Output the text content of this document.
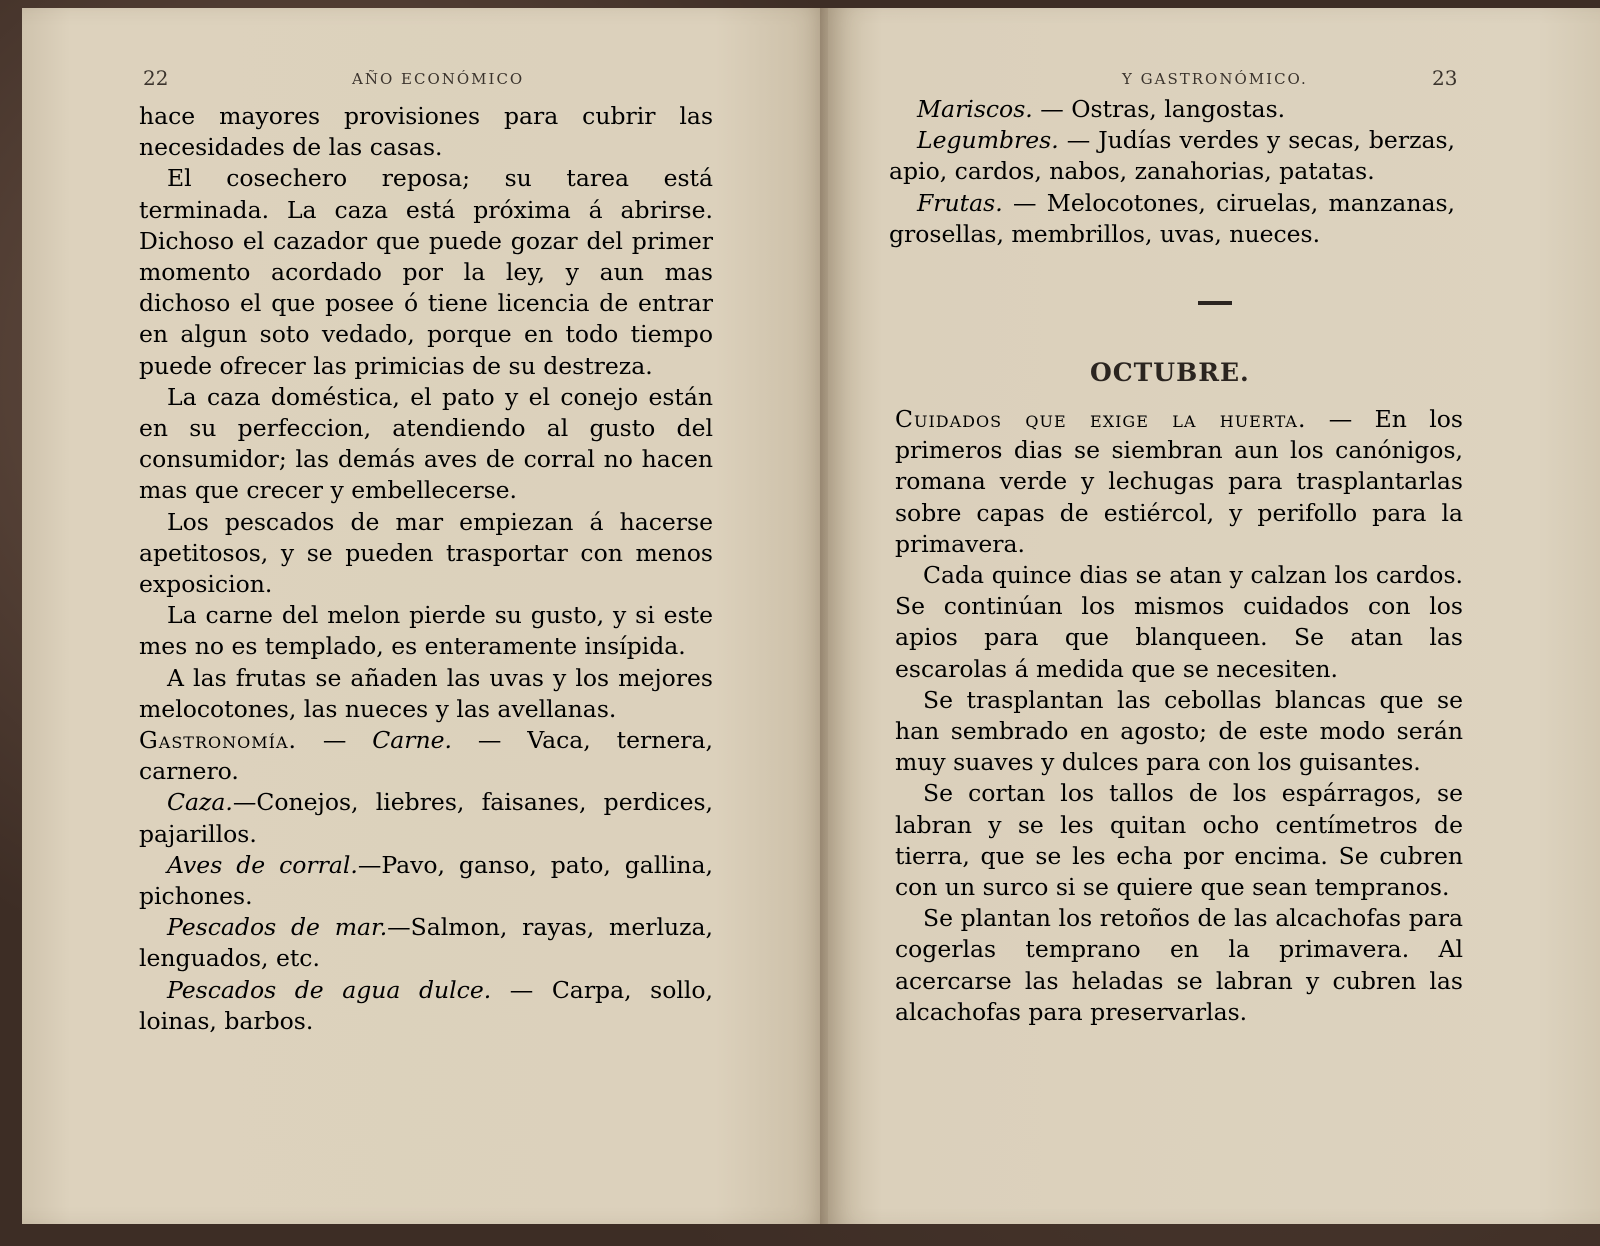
22	AÑO ECONÓMICO

hace mayores provisiones para cubrir las necesidades de las casas.

El cosechero reposa; su tarea está terminada. La caza está próxima á abrirse. Dichoso el cazador que puede gozar del primer momento acordado por la ley, y aun mas dichoso el que posee ó tiene licencia de entrar en algun soto vedado, porque en todo tiempo puede ofrecer las primicias de su destreza.

La caza doméstica, el pato y el conejo están en su perfeccion, atendiendo al gusto del consumidor; las demás aves de corral no hacen mas que crecer y embellecerse.

Los pescados de mar empiezan á hacerse apetitosos, y se pueden trasportar con menos exposicion.

La carne del melon pierde su gusto, y si este mes no es templado, es enteramente insípida.

A las frutas se añaden las uvas y los mejores melocotones, las nueces y las avellanas.

Gastronomía. — Carne. — Vaca, ternera, carnero.

Caza.—Conejos, liebres, faisanes, perdices, pajarillos.

Aves de corral.—Pavo, ganso, pato, gallina, pichones.

Pescados de mar.—Salmon, rayas, merluza, lenguados, etc.

Pescados de agua dulce. — Carpa, sollo, loinas, barbos.

Y GASTRONÓMICO.	23

Mariscos. — Ostras, langostas.

Legumbres. — Judías verdes y secas, berzas, apio, cardos, nabos, zanahorias, patatas.

Frutas. — Melocotones, ciruelas, manzanas, grosellas, membrillos, uvas, nueces.

OCTUBRE.

Cuidados que exige la huerta. — En los primeros dias se siembran aun los canónigos, romana verde y lechugas para trasplantarlas sobre capas de estiércol, y perifollo para la primavera.

Cada quince dias se atan y calzan los cardos. Se continúan los mismos cuidados con los apios para que blanqueen. Se atan las escarolas á medida que se necesiten.

Se trasplantan las cebollas blancas que se han sembrado en agosto; de este modo serán muy suaves y dulces para con los guisantes.

Se cortan los tallos de los espárragos, se labran y se les quitan ocho centímetros de tierra, que se les echa por encima. Se cubren con un surco si se quiere que sean tempranos.

Se plantan los retoños de las alcachofas para cogerlas temprano en la primavera. Al acercarse las heladas se labran y cubren las alcachofas para preservarlas.
